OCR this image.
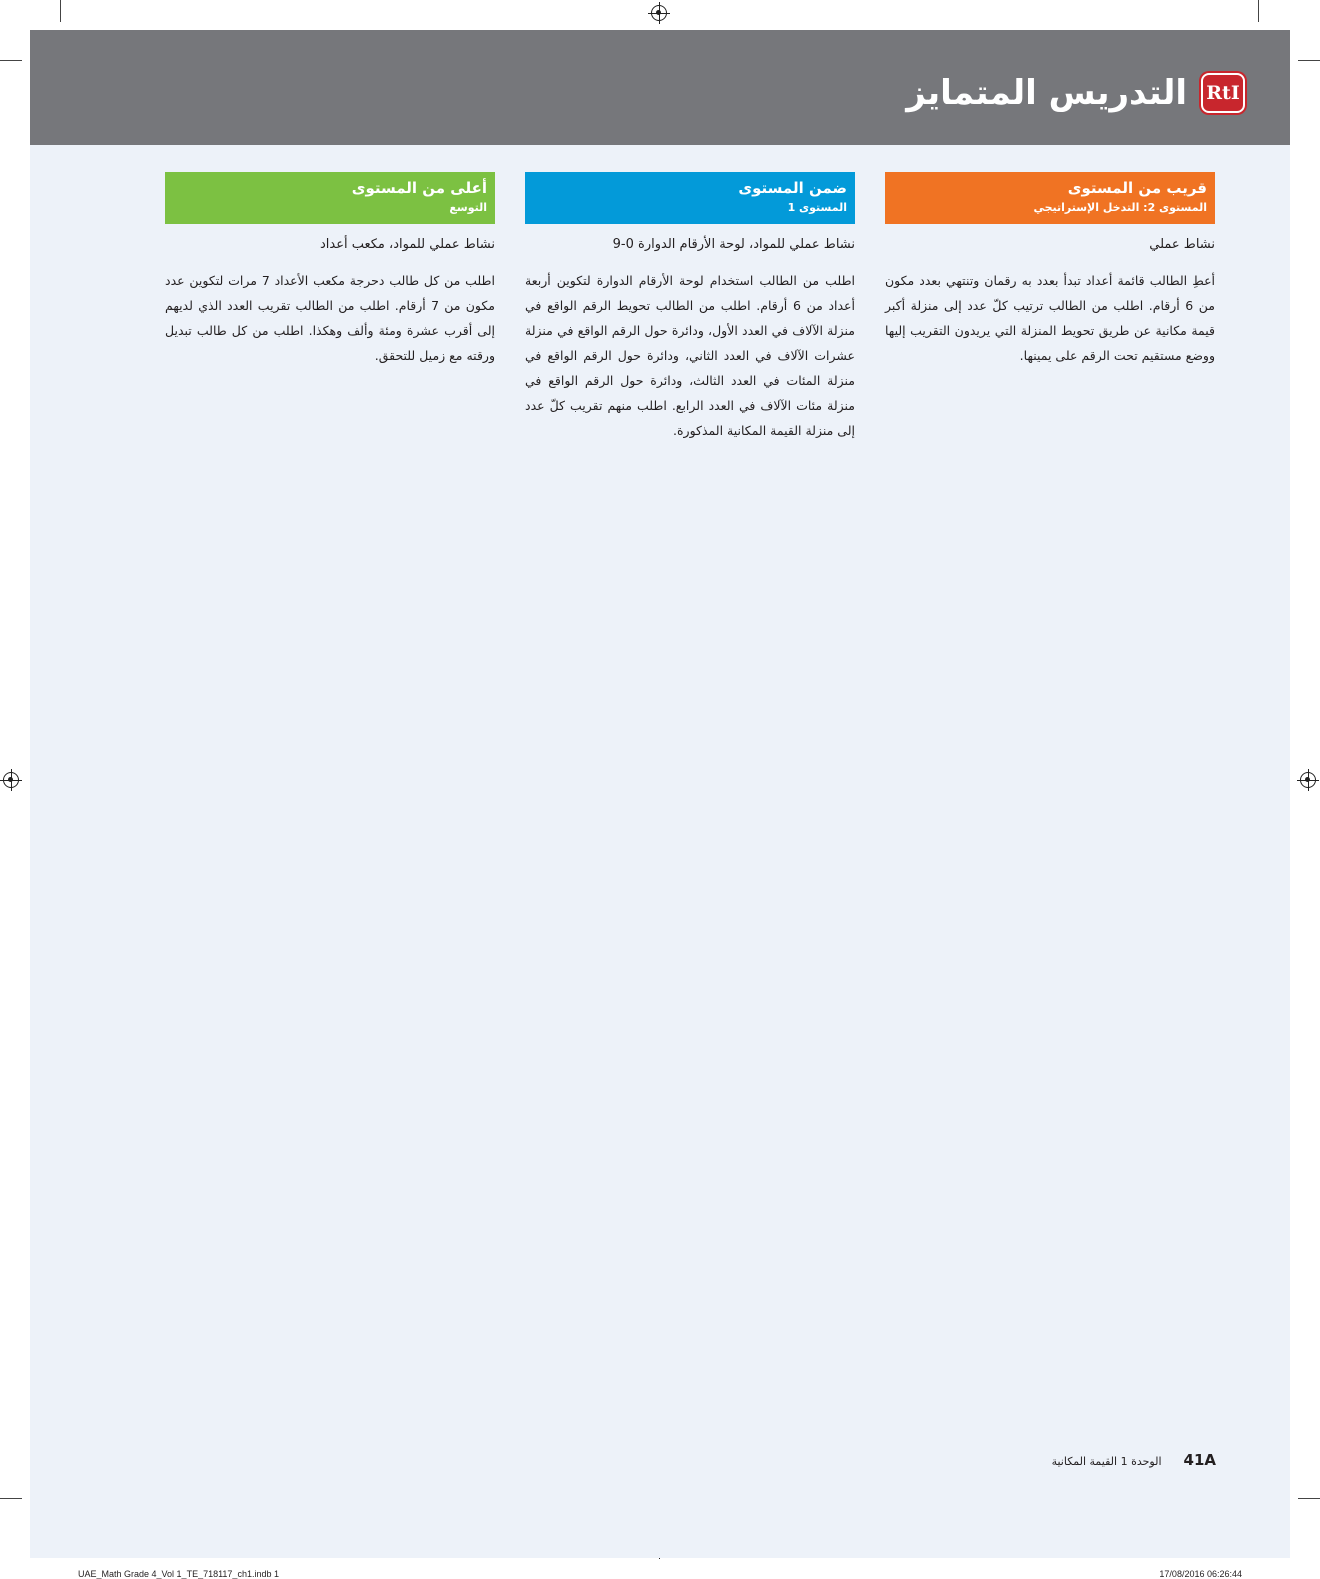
RtI
التدريس المتمايز
قريب من المستوى
المستوى 2: التدخل الإستراتيجي
نشاط عملي
أعطِ الطالب قائمة أعداد تبدأ بعدد به رقمان وتنتهي بعدد مكون من 6 أرقام. اطلب من الطالب ترتيب كلّ عدد إلى منزلة أكبر قيمة مكانية عن طريق تحويط المنزلة التي يريدون التقريب إليها ووضع مستقيم تحت الرقم على يمينها.
ضمن المستوى
المستوى 1
نشاط عملي للمواد، لوحة الأرقام الدوارة 0-9
اطلب من الطالب استخدام لوحة الأرقام الدوارة لتكوين أربعة أعداد من 6 أرقام. اطلب من الطالب تحويط الرقم الواقع في منزلة الآلاف في العدد الأول، ودائرة حول الرقم الواقع في منزلة عشرات الآلاف في العدد الثاني، ودائرة حول الرقم الواقع في منزلة المئات في العدد الثالث، ودائرة حول الرقم الواقع في منزلة مئات الآلاف في العدد الرابع. اطلب منهم تقريب كلّ عدد إلى منزلة القيمة المكانية المذكورة.
أعلى من المستوى
التوسع
نشاط عملي للمواد، مكعب أعداد
اطلب من كل طالب دحرجة مكعب الأعداد 7 مرات لتكوين عدد مكون من 7 أرقام. اطلب من الطالب تقريب العدد الذي لديهم إلى أقرب عشرة ومئة وألف وهكذا. اطلب من كل طالب تبديل ورقته مع زميل للتحقق.
41A
الوحدة 1 القيمة المكانية
UAE_Math Grade 4_Vol 1_TE_718117_ch1.indb 1	17/08/2016 06:26:44
